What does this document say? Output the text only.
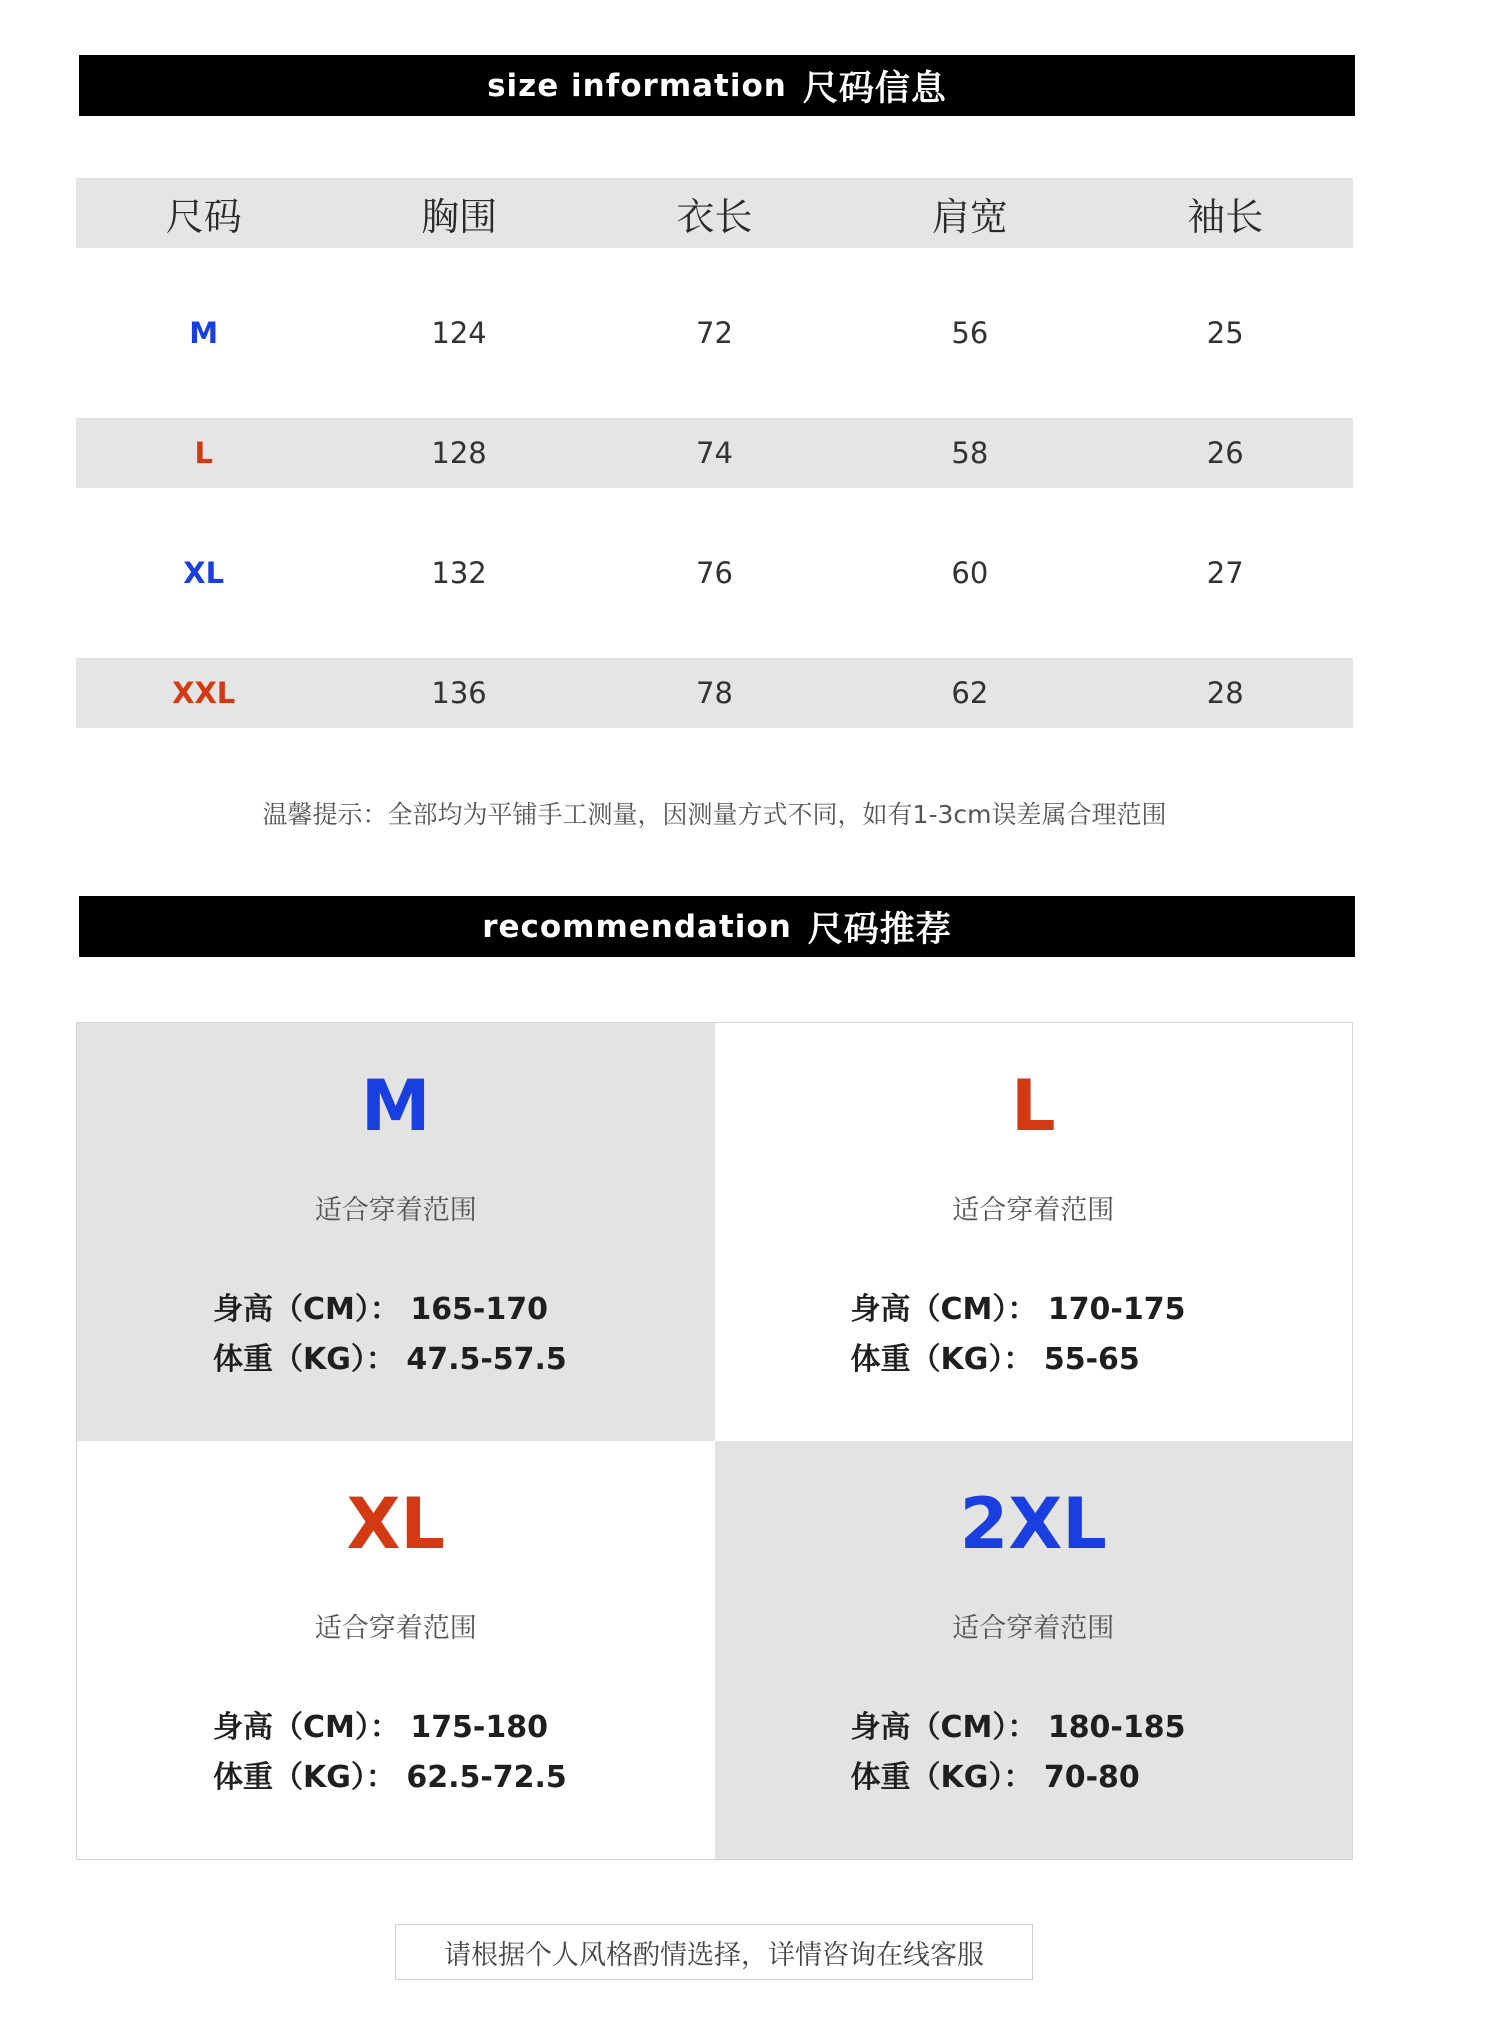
size information 尺码信息
尺码	胸围	衣长	肩宽	袖长
M	124	72	56	25
L	128	74	58	26
XL	132	76	60	27
XXL	136	78	62	28
温馨提示：全部均为平铺手工测量，因测量方式不同，如有1-3cm误差属合理范围
recommendation 尺码推荐
M
适合穿着范围
身高（CM）： 165-170
体重（KG）： 47.5-57.5
L
适合穿着范围
身高（CM）： 170-175
体重（KG）： 55-65
XL
适合穿着范围
身高（CM）： 175-180
体重（KG）： 62.5-72.5
2XL
适合穿着范围
身高（CM）： 180-185
体重（KG）： 70-80
请根据个人风格酌情选择，详情咨询在线客服
